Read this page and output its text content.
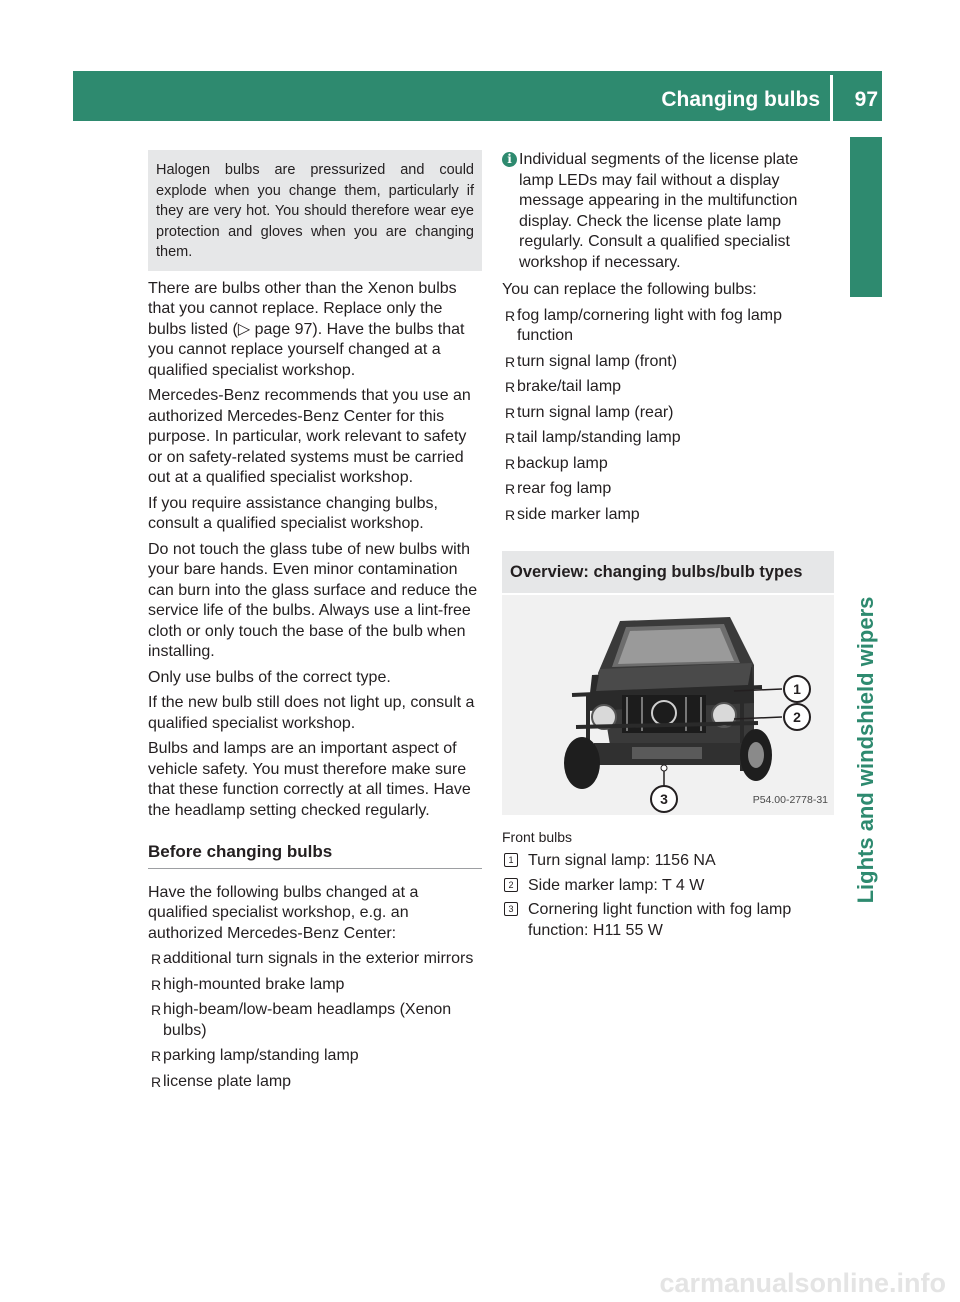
Changing bulbs 97
Lights and windshield wipers
Halogen bulbs are pressurized and could explode when you change them, particularly if they are very hot. You should therefore wear eye protection and gloves when you are changing them.

There are bulbs other than the Xenon bulbs that you cannot replace. Replace only the bulbs listed (▷ page 97). Have the bulbs that you cannot replace yourself changed at a qualified specialist workshop.

Mercedes-Benz recommends that you use an authorized Mercedes-Benz Center for this purpose. In particular, work relevant to safety or on safety-related systems must be carried out at a qualified specialist workshop.

If you require assistance changing bulbs, consult a qualified specialist workshop.

Do not touch the glass tube of new bulbs with your bare hands. Even minor contamination can burn into the glass surface and reduce the service life of the bulbs. Always use a lint-free cloth or only touch the base of the bulb when installing.

Only use bulbs of the correct type.

If the new bulb still does not light up, consult a qualified specialist workshop.

Bulbs and lamps are an important aspect of vehicle safety. You must therefore make sure that these function correctly at all times. Have the headlamp setting checked regularly.

Before changing bulbs

Have the following bulbs changed at a qualified specialist workshop, e.g. an authorized Mercedes-Benz Center:

R additional turn signals in the exterior mirrors
R high-mounted brake lamp
R high-beam/low-beam headlamps (Xenon bulbs)
R parking lamp/standing lamp
R license plate lamp
i Individual segments of the license plate lamp LEDs may fail without a display message appearing in the multifunction display. Check the license plate lamp regularly. Consult a qualified specialist workshop if necessary.

You can replace the following bulbs:

R fog lamp/cornering light with fog lamp function
R turn signal lamp (front)
R brake/tail lamp
R turn signal lamp (rear)
R tail lamp/standing lamp
R backup lamp
R rear fog lamp
R side marker lamp
Overview: changing bulbs/bulb types
1
2
3	P54.00-2778-31
Front bulbs
1 Turn signal lamp: 1156 NA
2 Side marker lamp: T 4 W
3 Cornering light function with fog lamp function: H11 55 W
carmanualsonline.info
